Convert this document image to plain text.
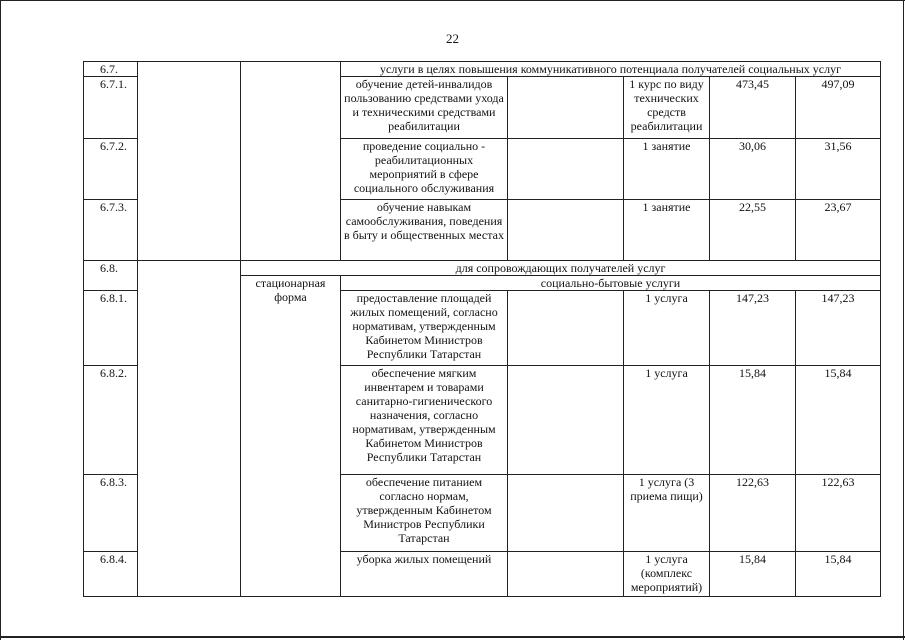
22
6.7.			услуги в целях повышения коммуникативного потенциала получателей социальных услуг				
6.7.1.			обучение детей-инвалидов пользованию средствами ухода и техническими средствами реабилитации		1 курс по виду технических средств реабилитации	473,45	497,09
6.7.2.			проведение социально - реабилитационных мероприятий в сфере социального обслуживания		1 занятие	30,06	31,56
6.7.3.			обучение навыкам самообслуживания, поведения в быту и общественных местах		1 занятие	22,55	23,67
6.8.		для сопровождающих получателей услуг					
		стационарная форма	социально-бытовые услуги				
6.8.1.			предоставление площадей жилых помещений, согласно нормативам, утвержденным Кабинетом Министров Республики Татарстан		1 услуга	147,23	147,23
6.8.2.			обеспечение мягким инвентарем и товарами санитарно-гигиенического назначения, согласно нормативам, утвержденным Кабинетом Министров Республики Татарстан		1 услуга	15,84	15,84
6.8.3.			обеспечение питанием согласно нормам, утвержденным Кабинетом Министров Республики Татарстан		1 услуга (3 приема пищи)	122,63	122,63
6.8.4.			уборка жилых помещений		1 услуга (комплекс мероприятий)	15,84	15,84
